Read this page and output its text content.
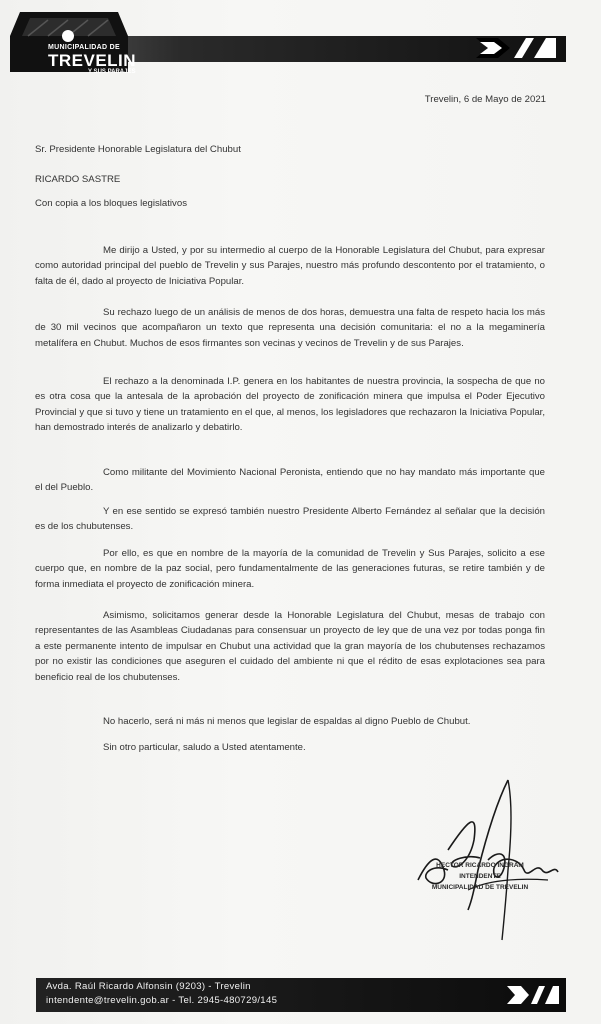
MUNICIPALIDAD DE
TREVELIN
Y SUS PARAJES
Trevelin, 6 de Mayo de 2021
Sr. Presidente Honorable Legislatura del Chubut
RICARDO SASTRE
Con copia a los bloques legislativos
Me dirijo a Usted, y por su intermedio al cuerpo de la Honorable Legislatura del Chubut, para expresar como autoridad principal del pueblo de Trevelin y sus Parajes, nuestro más profundo descontento por el tratamiento, o falta de él, dado al proyecto de Iniciativa Popular.
Su rechazo luego de un análisis de menos de dos horas, demuestra una falta de respeto hacia los más de 30 mil vecinos que acompañaron un texto que representa una decisión comunitaria: el no a la megaminería metalífera en Chubut. Muchos de esos firmantes son vecinas y vecinos de Trevelin y de sus Parajes.
El rechazo a la denominada I.P. genera en los habitantes de nuestra provincia, la sospecha de que no es otra cosa que la antesala de la aprobación del proyecto de zonificación minera que impulsa el Poder Ejecutivo Provincial y que si tuvo y tiene un tratamiento en el que, al menos, los legisladores que rechazaron la Iniciativa Popular, han demostrado interés de analizarlo y debatirlo.
Como militante del Movimiento Nacional Peronista, entiendo que no hay mandato más importante que el del Pueblo.
Y en ese sentido se expresó también nuestro Presidente Alberto Fernández al señalar que la decisión es de los chubutenses.
Por ello, es que en nombre de la mayoría de la comunidad de Trevelin y Sus Parajes, solicito a ese cuerpo que, en nombre de la paz social, pero fundamentalmente de las generaciones futuras, se retire también y de forma inmediata el proyecto de zonificación minera.
Asimismo, solicitamos generar desde la Honorable Legislatura del Chubut, mesas de trabajo con representantes de las Asambleas Ciudadanas para consensuar un proyecto de ley que de una vez por todas ponga fin a este permanente intento de impulsar en Chubut una actividad que la gran mayoría de los chubutenses rechazamos por no existir las condiciones que aseguren el cuidado del ambiente ni que el rédito de esas explotaciones sea para beneficio real de los chubutenses.
No hacerlo, será ni más ni menos que legislar de espaldas al digno Pueblo de Chubut.
Sin otro particular, saludo a Usted atentamente.
HECTOR RICARDO INGRAM
INTENDENTE
MUNICIPALIDAD DE TREVELIN
Avda. Raúl Ricardo Alfonsin (9203) - Trevelin
intendente@trevelin.gob.ar - Tel. 2945-480729/145
